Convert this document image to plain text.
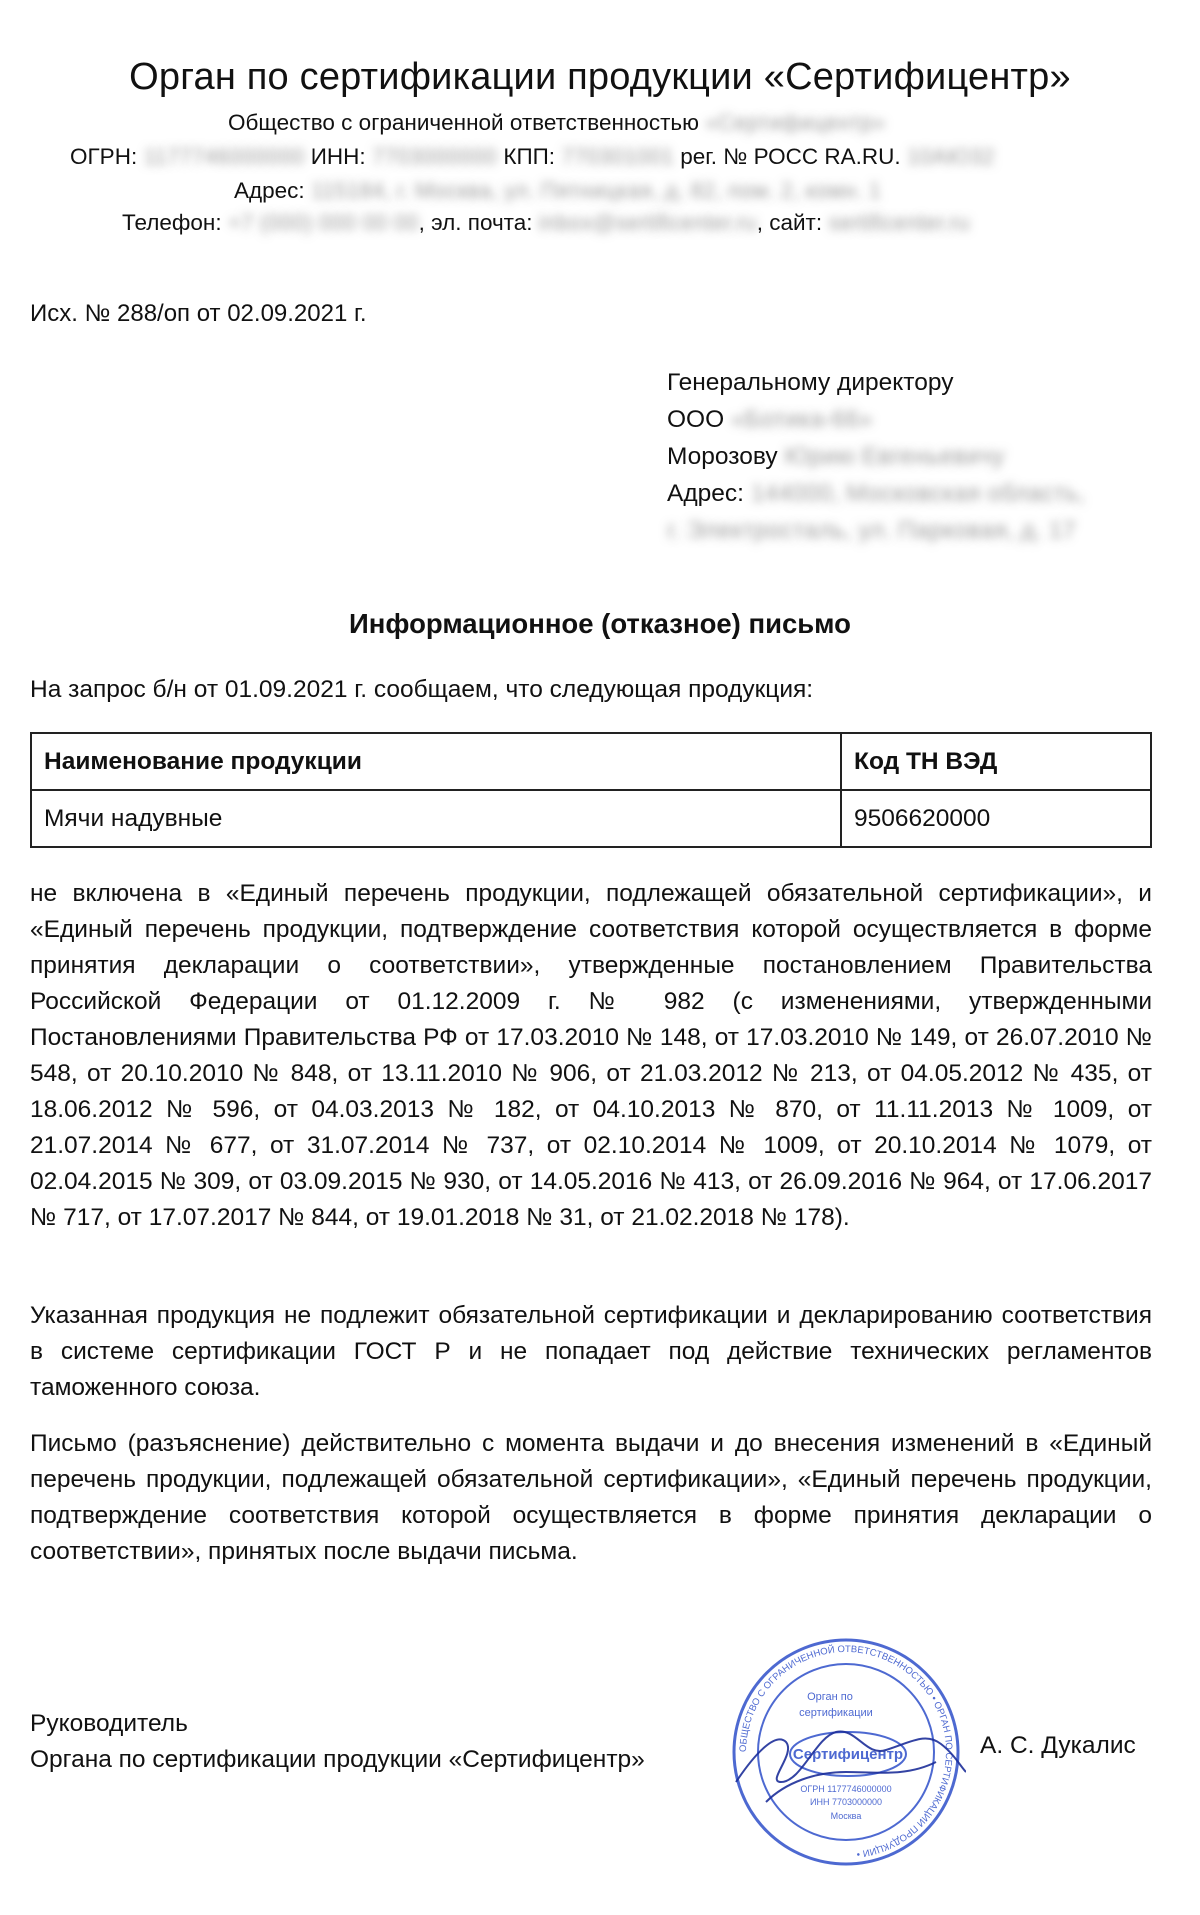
Орган по сертификации продукции «Сертифицентр»
Общество с ограниченной ответственностью «Сертифицентр»
ОГРН: 1177746000000 ИНН: 7703000000 КПП: 770301001 рег. № РОСС RA.RU. 10АЮ32
Адрес: 115184, г. Москва, ул. Пятницкая, д. 82, пом. 2, комн. 1
Телефон: +7 (000) 000 00 00, эл. почта: inbox@sertificenter.ru, сайт: sertificenter.ru
Исх. № 288/оп от 02.09.2021 г.
Генеральному директору
ООО «Ботика-66»
Морозову Юрию Евгеньевичу
Адрес: 144000, Московская область,
г. Электросталь, ул. Парковая, д. 17
Информационное (отказное) письмо
На запрос б/н от 01.09.2021 г. сообщаем, что следующая продукция:
Наименование продукции	Код ТН ВЭД
Мячи надувные	9506620000
не включена в «Единый перечень продукции, подлежащей обязательной сертификации», и «Единый перечень продукции, подтверждение соответствия которой осуществляется в форме принятия декларации о соответствии», утвержденные постановлением Правительства Российской Федерации от 01.12.2009 г. № 982 (с изменениями, утвержденными Постановлениями Правительства РФ от 17.03.2010 № 148, от 17.03.2010 № 149, от 26.07.2010 № 548, от 20.10.2010 № 848, от 13.11.2010 № 906, от 21.03.2012 № 213, от 04.05.2012 № 435, от 18.06.2012 № 596, от 04.03.2013 № 182, от 04.10.2013 № 870, от 11.11.2013 № 1009, от 21.07.2014 № 677, от 31.07.2014 № 737, от 02.10.2014 № 1009, от 20.10.2014 № 1079, от 02.04.2015 № 309, от 03.09.2015 № 930, от 14.05.2016 № 413, от 26.09.2016 № 964, от 17.06.2017 № 717, от 17.07.2017 № 844, от 19.01.2018 № 31, от 21.02.2018 № 178).
Указанная продукция не подлежит обязательной сертификации и декларированию соответствия в системе сертификации ГОСТ Р и не попадает под действие технических регламентов таможенного союза.
Письмо (разъяснение) действительно с момента выдачи и до внесения изменений в «Единый перечень продукции, подлежащей обязательной сертификации», «Единый перечень продукции, подтверждение соответствия которой осуществляется в форме принятия декларации о соответствии», принятых после выдачи письма.
Руководитель
Органа по сертификации продукции «Сертифицентр»
А. С. Дукалис
ОБЩЕСТВО С ОГРАНИЧЕННОЙ ОТВЕТСТВЕННОСТЬЮ • ОРГАН ПО СЕРТИФИКАЦИИ ПРОДУКЦИИ •
Орган по
сертификации
Сертифицентр
ОГРН 1177746000000
ИНН 7703000000
Москва
